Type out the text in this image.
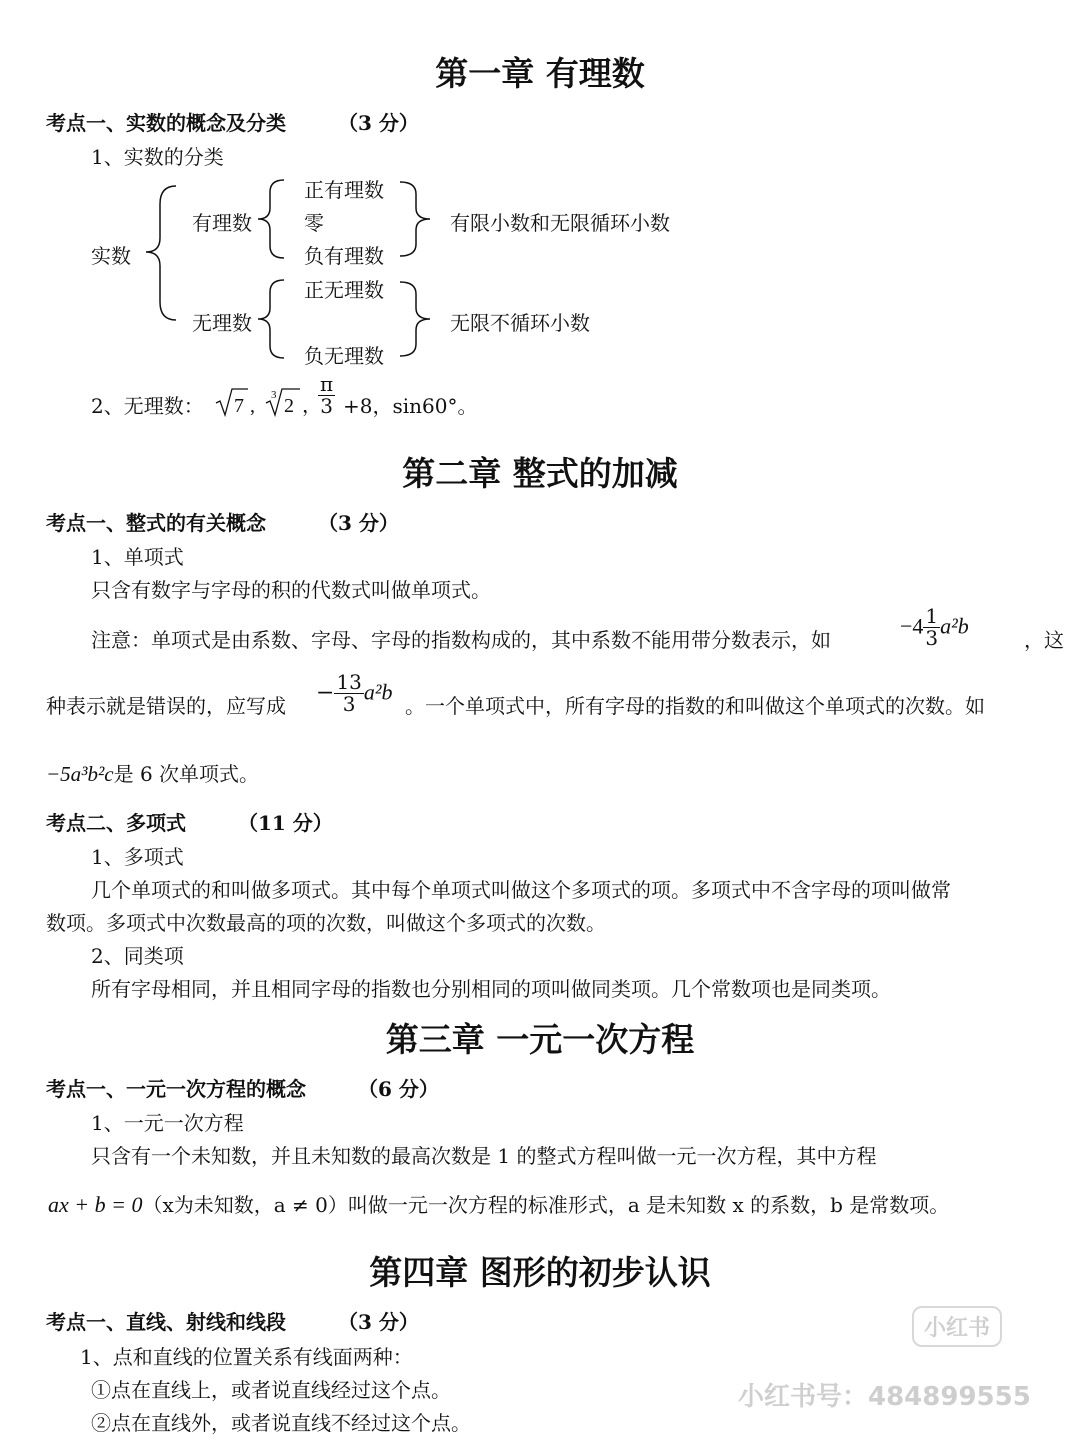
第一章 有理数
考点一、实数的概念及分类	（3 分）
1、实数的分类
实数
有理数
无理数
正有理数
零
负有理数
正无理数
负无理数
有限小数和无限循环小数
无限不循环小数
2、无理数： 7 , 3 2 ，
$\frac{\pi}{3} +8$，sin60°。
第二章 整式的加减
考点一、整式的有关概念	（3 分）
1、单项式
只含有数字与字母的积的代数式叫做单项式。
注意：单项式是由系数、字母、字母的指数构成的，其中系数不能用带分数表示，如
$-4 \frac{1}{3} a^2b$
，这
种表示就是错误的，应写成
− $\frac{13}{3} a^2b$
。一个单项式中，所有字母的指数的和叫做这个单项式的次数。如
−5a³b²c是 6 次单项式。
考点二、多项式	（11 分）
1、多项式
几个单项式的和叫做多项式。其中每个单项式叫做这个多项式的项。多项式中不含字母的项叫做常
数项。多项式中次数最高的项的次数，叫做这个多项式的次数。
2、同类项
所有字母相同，并且相同字母的指数也分别相同的项叫做同类项。几个常数项也是同类项。
第三章 一元一次方程
考点一、一元一次方程的概念	（6 分）
1、一元一次方程
只含有一个未知数，并且未知数的最高次数是 1 的整式方程叫做一元一次方程，其中方程
ax + b = 0（x为未知数，a ≠ 0）叫做一元一次方程的标准形式，a 是未知数 x 的系数，b 是常数项。
第四章 图形的初步认识
考点一、直线、射线和线段	（3 分）
1、点和直线的位置关系有线面两种：
①点在直线上，或者说直线经过这个点。
②点在直线外，或者说直线不经过这个点。
小红书
小红书号：484899555
